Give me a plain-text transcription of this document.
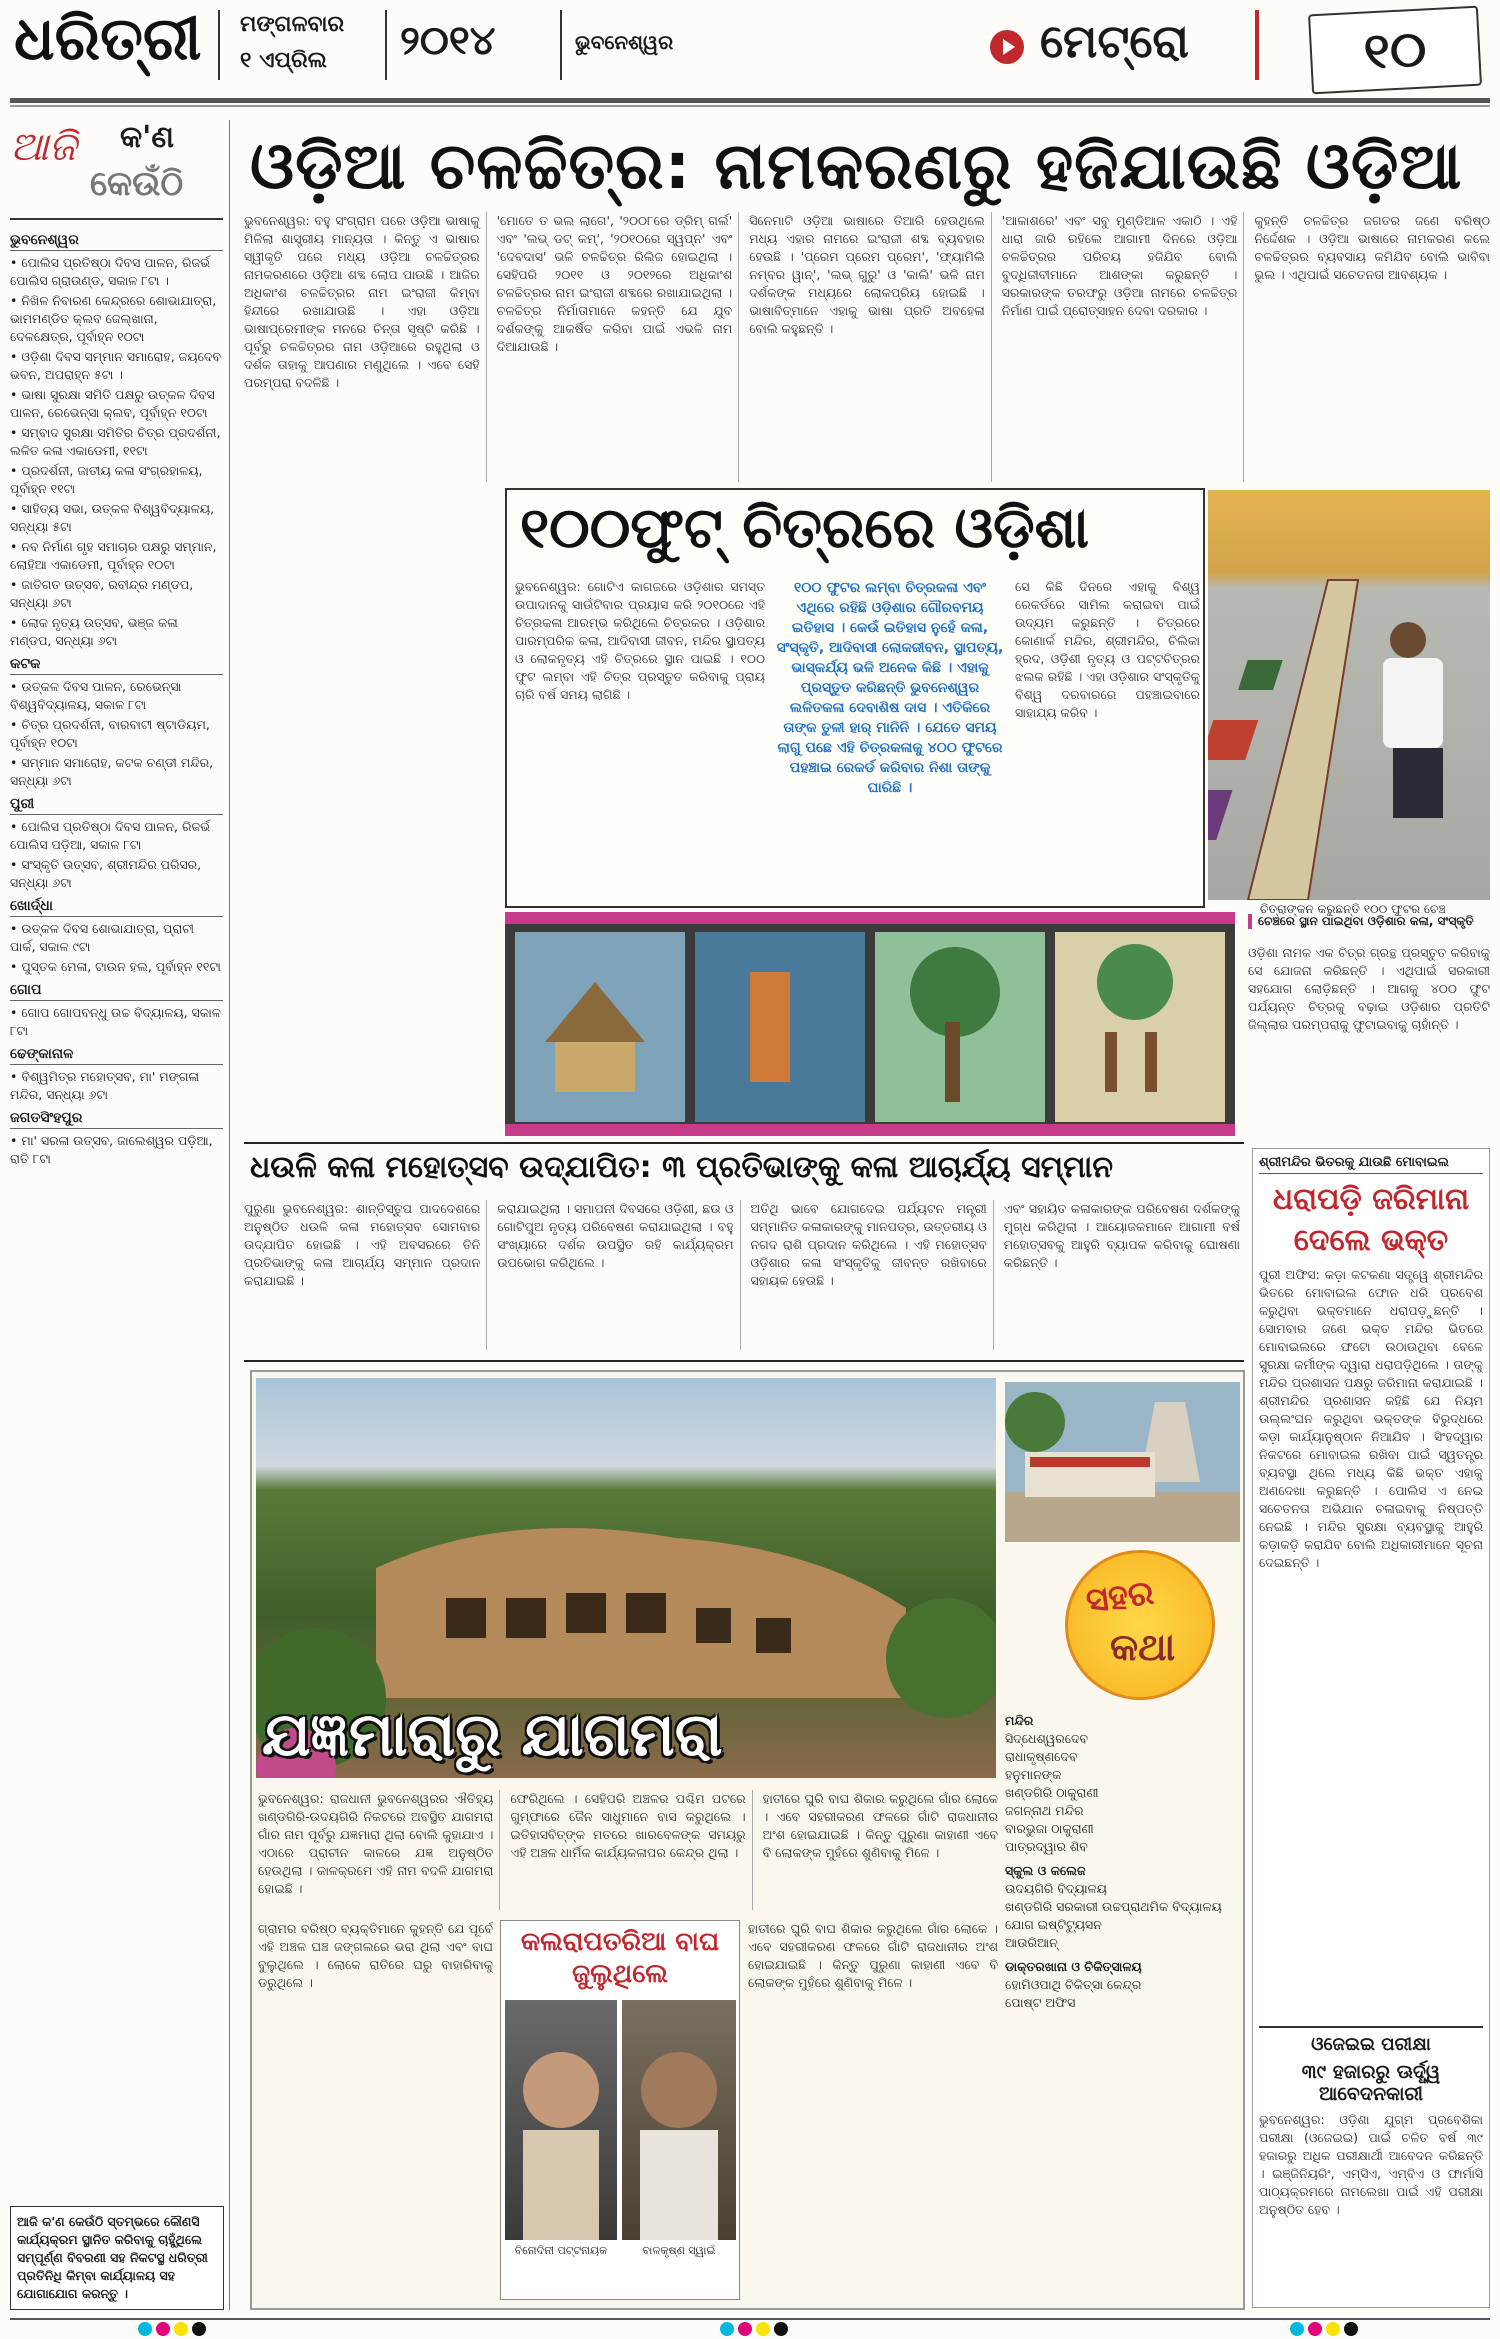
ଧରିତ୍ରୀ ମଙ୍ଗଳବାର
୧ ଏପ୍ରିଲ ୨୦୧୪	ଭୁବନେଶ୍ୱର	ମେଟ୍ରୋ	୧୦
ଆଜି କ'ଣ
କେଉଁଠି
ଭୁବନେଶ୍ୱର
• ପୋଲିସ ପ୍ରତିଷ୍ଠା ଦିବସ ପାଳନ, ରିଜର୍ଭ ପୋଲିସ ଗ୍ରାଉଣ୍ଡ, ସକାଳ ୮ଟା ।
• ନିଖିଳ ନିବାରଣ କେନ୍ଦ୍ରରେ ଶୋଭାଯାତ୍ରା, ଭାମମଣ୍ଡିତ କ୍ଲବ ଜେଲ୍‌ଖାନା, ଦେଳକ୍ଷେତ୍ର, ପୂର୍ବାହ୍ନ ୧୦ଟା
• ଓଡ଼ିଶା ଦିବସ ସମ୍ମାନ ସମାରୋହ, ଜୟଦେବ ଭବନ, ଅପରାହ୍ନ ୫ଟା ।
• ଭାଷା ସୁରକ୍ଷା ସମିତି ପକ୍ଷରୁ ଉତ୍କଳ ଦିବସ ପାଳନ, ରେଭେନ୍ସା କ୍ଲବ, ପୂର୍ବାହ୍ନ ୧୦ଟା
• ସମ୍ବାଦ ସୁରକ୍ଷା ସମିତିର ଚିତ୍ର ପ୍ରଦର୍ଶନୀ, ଲଳିତ କଳା ଏକାଡେମୀ, ୧୧ଟା
• ପ୍ରଦର୍ଶନୀ, ଜାତୀୟ କଳା ସଂଗ୍ରହାଳୟ, ପୂର୍ବାହ୍ନ ୧୧ଟା
• ସାହିତ୍ୟ ସଭା, ଉତ୍କଳ ବିଶ୍ୱବିଦ୍ୟାଳୟ, ସନ୍ଧ୍ୟା ୫ଟା
• ନବ ନିର୍ମାଣ ଗୃହ ସମାଚାର ପକ୍ଷରୁ ସମ୍ମାନ, ଲୋହିଆ ଏକାଡେମୀ, ପୂର୍ବାହ୍ନ ୧୦ଟା
• ଜାତିଗତ ଉତ୍ସବ, ରବୀନ୍ଦ୍ର ମଣ୍ଡପ, ସନ୍ଧ୍ୟା ୬ଟା
• ଲୋକ ନୃତ୍ୟ ଉତ୍ସବ, ଭଞ୍ଜ କଳା ମଣ୍ଡପ, ସନ୍ଧ୍ୟା ୬ଟା
କଟକ
• ଉତ୍କଳ ଦିବସ ପାଳନ, ରେଭେନ୍ସା ବିଶ୍ୱବିଦ୍ୟାଳୟ, ସକାଳ ୮ଟା
• ଚିତ୍ର ପ୍ରଦର୍ଶନୀ, ବାରବାଟୀ ଷ୍ଟାଡିୟମ, ପୂର୍ବାହ୍ନ ୧୦ଟା
• ସମ୍ମାନ ସମାରୋହ, କଟକ ଚଣ୍ଡୀ ମନ୍ଦିର, ସନ୍ଧ୍ୟା ୬ଟା
ପୁରୀ
• ପୋଲିସ ପ୍ରତିଷ୍ଠା ଦିବସ ପାଳନ, ରିଜର୍ଭ ପୋଲିସ ପଡ଼ିଆ, ସକାଳ ୮ଟା
• ସଂସ୍କୃତି ଉତ୍ସବ, ଶ୍ରୀମନ୍ଦିର ପରିସର, ସନ୍ଧ୍ୟା ୬ଟା
ଖୋର୍ଦ୍ଧା
• ଉତ୍କଳ ଦିବସ ଶୋଭାଯାତ୍ରା, ପ୍ରାଚୀ ପାର୍କ, ସକାଳ ୯ଟା
• ପୁସ୍ତକ ମେଳା, ଟାଉନ ହଲ, ପୂର୍ବାହ୍ନ ୧୧ଟା
ଗୋପ
• ଗୋପ ଗୋପବନ୍ଧୁ ଉଚ୍ଚ ବିଦ୍ୟାଳୟ, ସକାଳ ୮ଟା
ଢେଙ୍କାନାଳ
• ବିଶ୍ୱମିତ୍ର ମହୋତ୍ସବ, ମା' ମଙ୍ଗଳା ମନ୍ଦିର, ସନ୍ଧ୍ୟା ୬ଟା
ଜଗତସିଂହପୁର
• ମା' ସରଳା ଉତ୍ସବ, ଜାଲେଶ୍ୱର ପଡ଼ିଆ, ରାତି ୮ଟା
ଆଜି କ'ଣ କେଉଁଠି ସ୍ତମ୍ଭରେ କୌଣସି କାର୍ଯ୍ୟକ୍ରମ ସ୍ଥାନିତ କରିବାକୁ ଚାହୁଁଥିଲେ ସମ୍ପୂର୍ଣ୍ଣ ବିବରଣୀ ସହ ନିକଟସ୍ଥ ଧରିତ୍ରୀ ପ୍ରତିନିଧି କିମ୍ବା କାର୍ଯ୍ୟାଳୟ ସହ ଯୋଗାଯୋଗ କରନ୍ତୁ ।
ଓଡ଼ିଆ ଚଳଚ୍ଚିତ୍ର: ନାମକରଣରୁ ହଜିଯାଉଛି ଓଡ଼ିଆ
ଭୁବନେଶ୍ୱର: ବହୁ ସଂଗ୍ରାମ ପରେ ଓଡ଼ିଆ ଭାଷାକୁ ମିଳିଲା ଶାସ୍ତ୍ରୀୟ ମାନ୍ୟତା । କିନ୍ତୁ ଏ ଭାଷାର ସ୍ୱୀକୃତି ପରେ ମଧ୍ୟ ଓଡ଼ିଆ ଚଳଚ୍ଚିତ୍ରର ନାମକରଣରେ ଓଡ଼ିଆ ଶବ୍ଦ ଲୋପ ପାଉଛି । ଆଜିର ଅଧିକାଂଶ ଚଳଚ୍ଚିତ୍ରର ନାମ ଇଂରାଜୀ କିମ୍ବା ହିନ୍ଦୀରେ ରଖାଯାଉଛି । ଏହା ଓଡ଼ିଆ ଭାଷାପ୍ରେମୀଙ୍କ ମନରେ ଚିନ୍ତା ସୃଷ୍ଟି କରିଛି । ପୂର୍ବରୁ ଚଳଚ୍ଚିତ୍ରର ନାମ ଓଡ଼ିଆରେ ରହୁଥିଲା ଓ ଦର୍ଶକ ତାହାକୁ ଆପଣାର ମଣୁଥିଲେ । ଏବେ ସେହି ପରମ୍ପରା ବଦଳିଛି ।
'ମୋତେ ତ ଭଲ ଲାଗେ', '୨୦୦୮ରେ ଡ୍ରିମ୍ ଗର୍ଲ' ଏବଂ 'ଲଭ୍ ଡଟ୍ କମ୍', '୨୦୧୦ରେ ସ୍ୱପ୍ନ' ଏବଂ 'ଦେବଦାସ' ଭଳି ଚଳଚ୍ଚିତ୍ର ରିଲିଜ ହୋଇଥିଲା । ସେହିପରି ୨୦୧୧ ଓ ୨୦୧୨ରେ ଅଧିକାଂଶ ଚଳଚ୍ଚିତ୍ରର ନାମ ଇଂରାଜୀ ଶବ୍ଦରେ ରଖାଯାଇଥିଲା । ଚଳଚ୍ଚିତ୍ର ନିର୍ମାତାମାନେ କହନ୍ତି ଯେ ଯୁବ ଦର୍ଶକଙ୍କୁ ଆକର୍ଷିତ କରିବା ପାଇଁ ଏଭଳି ନାମ ଦିଆଯାଉଛି ।
ସିନେମାଟି ଓଡ଼ିଆ ଭାଷାରେ ତିଆରି ହେଉଥିଲେ ମଧ୍ୟ ଏହାର ନାମରେ ଇଂରାଜୀ ଶବ୍ଦ ବ୍ୟବହାର ହେଉଛି । 'ପ୍ରେମ ପ୍ରେମ ପ୍ରେମ', 'ଫ୍ୟାମିଲି ନମ୍ବର ୱାନ୍', 'ଲଭ୍ ଗୁରୁ' ଓ 'କାଲି' ଭଳି ନାମ ଦର୍ଶକଙ୍କ ମଧ୍ୟରେ ଲୋକପ୍ରିୟ ହୋଇଛି । ଭାଷାବିତ୍‌ମାନେ ଏହାକୁ ଭାଷା ପ୍ରତି ଅବହେଳା ବୋଲି କହୁଛନ୍ତି ।
'ଆକାଶରେ' ଏବଂ ସବୁ ମୁଣ୍ଡିଆଳ ଏକାଠି । ଏହି ଧାରା ଜାରି ରହିଲେ ଆଗାମୀ ଦିନରେ ଓଡ଼ିଆ ଚଳଚ୍ଚିତ୍ରର ପରିଚୟ ହଜିଯିବ ବୋଲି ବୁଦ୍ଧିଜୀବୀମାନେ ଆଶଙ୍କା କରୁଛନ୍ତି । ସରକାରଙ୍କ ତରଫରୁ ଓଡ଼ିଆ ନାମରେ ଚଳଚ୍ଚିତ୍ର ନିର୍ମାଣ ପାଇଁ ପ୍ରୋତ୍ସାହନ ଦେବା ଦରକାର ।
କୁହନ୍ତି ଚଳଚ୍ଚିତ୍ର ଜଗତର ଜଣେ ବରିଷ୍ଠ ନିର୍ଦ୍ଦେଶକ । ଓଡ଼ିଆ ଭାଷାରେ ନାମକରଣ କଲେ ଚଳଚ୍ଚିତ୍ରର ବ୍ୟବସାୟ କମିଯିବ ବୋଲି ଭାବିବା ଭୁଲ । ଏଥିପାଇଁ ସଚେତନତା ଆବଶ୍ୟକ ।
୧୦୦ଫୁଟ୍ ଚିତ୍ରରେ ଓଡ଼ିଶା
ଭୁବନେଶ୍ୱର: ଗୋଟିଏ କାଗଜରେ ଓଡ଼ିଶାର ସମସ୍ତ ଉପାଦାନକୁ ସାଉଁଟିବାର ପ୍ରୟାସ କରି ୨୦୧୦ରେ ଏହି ଚିତ୍ରକଳା ଆରମ୍ଭ କରିଥିଲେ ଚିତ୍ରକର । ଓଡ଼ିଶାର ପାରମ୍ପରିକ କଳା, ଆଦିବାସୀ ଜୀବନ, ମନ୍ଦିର ସ୍ଥାପତ୍ୟ ଓ ଲୋକନୃତ୍ୟ ଏହି ଚିତ୍ରରେ ସ୍ଥାନ ପାଇଛି । ୧୦୦ ଫୁଟ ଲମ୍ବା ଏହି ଚିତ୍ର ପ୍ରସ୍ତୁତ କରିବାକୁ ପ୍ରାୟ ଚାରି ବର୍ଷ ସମୟ ଲାଗିଛି ।
୧୦୦ ଫୁଟର ଲମ୍ବା ଚିତ୍ରକଳା ଏବଂ ଏଥିରେ ରହିଛି ଓଡ଼ିଶାର ଗୌରବମୟ ଇତିହାସ । କେଉଁ ଇତିହାସ ନୁହେଁ କଳା, ସଂସ୍କୃତି, ଆଦିବାସୀ ଲୋକଜୀବନ, ସ୍ଥାପତ୍ୟ, ଭାସ୍କର୍ଯ୍ୟ ଭଳି ଅନେକ କିଛି । ଏହାକୁ ପ୍ରସ୍ତୁତ କରିଛନ୍ତି ଭୁବନେଶ୍ୱର ଲଳିତକଳା ଦେବାଶିଷ ଦାସ । ଏତିକିରେ ତାଙ୍କ ତୁଳୀ ହାର୍ ମାନିନି । ଯେତେ ସମୟ ଲାଗୁ ପଛେ ଏହି ଚିତ୍ରକଳାକୁ ୪୦୦ ଫୁଟରେ ପହଞ୍ଚାଇ ରେକର୍ଡ କରିବାର ନିଶା ତାଙ୍କୁ ଘାରିଛି ।
ସେ କିଛି ଦିନରେ ଏହାକୁ ବିଶ୍ୱ ରେକର୍ଡରେ ସାମିଲ କରାଇବା ପାଇଁ ଉଦ୍ୟମ କରୁଛନ୍ତି । ଚିତ୍ରରେ କୋଣାର୍କ ମନ୍ଦିର, ଶ୍ରୀମନ୍ଦିର, ଚିଲିକା ହ୍ରଦ, ଓଡ଼ିଶୀ ନୃତ୍ୟ ଓ ପଟ୍ଟଚିତ୍ରର ଝଲକ ରହିଛି । ଏହା ଓଡ଼ିଶାର ସଂସ୍କୃତିକୁ ବିଶ୍ୱ ଦରବାରରେ ପହଞ୍ଚାଇବାରେ ସାହାଯ୍ୟ କରିବ ।
ଚିତ୍ରାଙ୍କନ କରୁଛନ୍ତି ୧୦୦ ଫୁଟର ଚେଞ୍ଚ
ଚେଞ୍ଚରେ ସ୍ଥାନ ପାଇଥିବା ଓଡ଼ିଶାର କଳା, ସଂସ୍କୃତି
ଓଡ଼ିଶା ନାମକ ଏକ ଚିତ୍ର ଗ୍ରନ୍ଥ ପ୍ରସ୍ତୁତ କରିବାକୁ ସେ ଯୋଜନା କରିଛନ୍ତି । ଏଥିପାଇଁ ସରକାରୀ ସହଯୋଗ ଲୋଡ଼ିଛନ୍ତି । ଆଗକୁ ୪୦୦ ଫୁଟ ପର୍ଯ୍ୟନ୍ତ ଚିତ୍ରକୁ ବଢ଼ାଇ ଓଡ଼ିଶାର ପ୍ରତିଟି ଜିଲ୍ଲାର ପରମ୍ପରାକୁ ଫୁଟାଇବାକୁ ଚାହାଁନ୍ତି ।
ଧଉଳି କଳା ମହୋତ୍ସବ ଉଦ୍‌ଯାପିତ: ୩ ପ୍ରତିଭାଙ୍କୁ କଳା ଆଚାର୍ଯ୍ୟ ସମ୍ମାନ
ପୁରୁଣା ଭୁବନେଶ୍ୱର: ଶାନ୍ତିସ୍ତୁପ ପାଦଦେଶରେ ଅନୁଷ୍ଠିତ ଧଉଳି କଳା ମହୋତ୍ସବ ସୋମବାର ଉଦ୍‌ଯାପିତ ହୋଇଛି । ଏହି ଅବସରରେ ତିନି ପ୍ରତିଭାଙ୍କୁ କଳା ଆଚାର୍ଯ୍ୟ ସମ୍ମାନ ପ୍ରଦାନ କରାଯାଇଛି ।
କରାଯାଇଥିଲା । ସମାପନୀ ଦିବସରେ ଓଡ଼ିଶୀ, ଛଉ ଓ ଗୋଟିପୁଅ ନୃତ୍ୟ ପରିବେଷଣ କରାଯାଇଥିଲା । ବହୁ ସଂଖ୍ୟାରେ ଦର୍ଶକ ଉପସ୍ଥିତ ରହି କାର୍ଯ୍ୟକ୍ରମ ଉପଭୋଗ କରିଥିଲେ ।
ଅତିଥି ଭାବେ ଯୋଗଦେଇ ପର୍ଯ୍ୟଟନ ମନ୍ତ୍ରୀ ସମ୍ମାନିତ କଳାକାରଙ୍କୁ ମାନପତ୍ର, ଉତ୍ତରୀୟ ଓ ନଗଦ ରାଶି ପ୍ରଦାନ କରିଥିଲେ । ଏହି ମହୋତ୍ସବ ଓଡ଼ିଶାର କଳା ସଂସ୍କୃତିକୁ ଜୀବନ୍ତ ରଖିବାରେ ସହାୟକ ହେଉଛି ।
ଏବଂ ସହାୟିତ କଳାକାରଙ୍କ ପରିବେଷଣ ଦର୍ଶକଙ୍କୁ ମୁଗ୍ଧ କରିଥିଲା । ଆୟୋଜକମାନେ ଆଗାମୀ ବର୍ଷ ମହୋତ୍ସବକୁ ଆହୁରି ବ୍ୟାପକ କରିବାକୁ ଘୋଷଣା କରିଛନ୍ତି ।
ଯଜ୍ଞମାରାରୁ ଯାଗମରା
ସହର
କଥା
ମନ୍ଦିର
ସିଦ୍ଧେଶ୍ୱରଦେବ
ରାଧାକୃଷ୍ଣଦେବ
ହନୁମାନଙ୍କ
ଖଣ୍ଡଗିରି ଠାକୁରାଣୀ
ଜଗନ୍ନାଥ ମନ୍ଦିର
ବାରଭୁଜା ଠାକୁରାଣୀ
ପାତ୍ରଦ୍ୱାର ଶିବ
ସ୍କୁଲ ଓ କଲେଜ
ଉଦୟଗିରି ବିଦ୍ୟାଳୟ
ଖଣ୍ଡଗିରି ସରକାରୀ ଉଚ୍ଚପ୍ରାଥମିକ ବିଦ୍ୟାଳୟ
ଯୋଗ ଇଷ୍ଟିଟ୍ୟୁସନ
ଆଉରିଆନ୍
ଡାକ୍ତରଖାନା ଓ ଚିକିତ୍ସାଳୟ
ହୋମିଓପାଥି ଚିକିତ୍ସା କେନ୍ଦ୍ର
ପୋଷ୍ଟ ଅଫିସ
ଭୁବନେଶ୍ୱର: ରାଜଧାନୀ ଭୁବନେଶ୍ୱରର ଐତିହ୍ୟ ଖଣ୍ଡଗିରି-ଉଦୟଗିରି ନିକଟରେ ଅବସ୍ଥିତ ଯାଗମରା ଗାଁର ନାମ ପୂର୍ବରୁ ଯଜ୍ଞମାରା ଥିଲା ବୋଲି କୁହାଯାଏ । ଏଠାରେ ପ୍ରାଚୀନ କାଳରେ ଯଜ୍ଞ ଅନୁଷ୍ଠିତ ହେଉଥିଲା । କାଳକ୍ରମେ ଏହି ନାମ ବଦଳି ଯାଗମରା ହୋଇଛି ।
ଫେରିଥିଲେ । ସେହିପରି ଅଞ୍ଚଳର ପଶ୍ଚିମ ପଟରେ ଗୁମ୍ଫାରେ ଜୈନ ସାଧୁମାନେ ବାସ କରୁଥିଲେ । ଇତିହାସବିତ୍‌ଙ୍କ ମତରେ ଖାରବେଳଙ୍କ ସମୟରୁ ଏହି ଅଞ୍ଚଳ ଧାର୍ମିକ କାର୍ଯ୍ୟକଳାପର କେନ୍ଦ୍ର ଥିଲା ।
ହାତୀରେ ଘୁରି ବାଘ ଶିକାର କରୁଥିଲେ ଗାଁର ଲୋକେ । ଏବେ ସହରୀକରଣ ଫଳରେ ଗାଁଟି ରାଜଧାନୀର ଅଂଶ ହୋଇଯାଇଛି । କିନ୍ତୁ ପୁରୁଣା କାହାଣୀ ଏବେ ବି ଲୋକଙ୍କ ମୁହଁରେ ଶୁଣିବାକୁ ମିଳେ ।
କଲରାପତରିଆ ବାଘ ଜୁଲୁଥିଲେ
ବିନୋଦିନୀ ପଟ୍ଟନାୟକ	ବାଳକୃଷ୍ଣ ସ୍ୱାଇଁ
ଗ୍ରାମର ବରିଷ୍ଠ ବ୍ୟକ୍ତିମାନେ କୁହନ୍ତି ଯେ ପୂର୍ବେ ଏହି ଅଞ୍ଚଳ ଘଞ୍ଚ ଜଙ୍ଗଲରେ ଭରା ଥିଲା ଏବଂ ବାଘ ବୁଲୁଥିଲେ । ଲୋକେ ରାତିରେ ଘରୁ ବାହାରିବାକୁ ଡରୁଥିଲେ ।
ହାତୀରେ ଘୁରି ବାଘ ଶିକାର କରୁଥିଲେ ଗାଁର ଲୋକେ । ଏବେ ସହରୀକରଣ ଫଳରେ ଗାଁଟି ରାଜଧାନୀର ଅଂଶ ହୋଇଯାଇଛି । କିନ୍ତୁ ପୁରୁଣା କାହାଣୀ ଏବେ ବି ଲୋକଙ୍କ ମୁହଁରେ ଶୁଣିବାକୁ ମିଳେ ।
ଶ୍ରୀମନ୍ଦିର ଭିତରକୁ ଯାଉଛି ମୋବାଇଲ
ଧରାପଡ଼ି ଜରିମାନା
ଦେଲେ ଭକ୍ତ
ପୁରୀ ଅଫିସ: କଡ଼ା କଟକଣା ସତ୍ତ୍ୱେ ଶ୍ରୀମନ୍ଦିର ଭିତରେ ମୋବାଇଲ ଫୋନ ଧରି ପ୍ରବେଶ କରୁଥିବା ଭକ୍ତମାନେ ଧରାପଡ଼ୁଛନ୍ତି । ସୋମବାର ଜଣେ ଭକ୍ତ ମନ୍ଦିର ଭିତରେ ମୋବାଇଲରେ ଫଟୋ ଉଠାଉଥିବା ବେଳେ ସୁରକ୍ଷା କର୍ମୀଙ୍କ ଦ୍ୱାରା ଧରାପଡ଼ିଥିଲେ । ତାଙ୍କୁ ମନ୍ଦିର ପ୍ରଶାସନ ପକ୍ଷରୁ ଜରିମାନା କରାଯାଇଛି । ଶ୍ରୀମନ୍ଦିର ପ୍ରଶାସନ କହିଛି ଯେ ନିୟମ ଉଲ୍ଲଂଘନ କରୁଥିବା ଭକ୍ତଙ୍କ ବିରୁଦ୍ଧରେ କଡ଼ା କାର୍ଯ୍ୟାନୁଷ୍ଠାନ ନିଆଯିବ । ସିଂହଦ୍ୱାର ନିକଟରେ ମୋବାଇଲ ରଖିବା ପାଇଁ ସ୍ୱତନ୍ତ୍ର ବ୍ୟବସ୍ଥା ଥିଲେ ମଧ୍ୟ କିଛି ଭକ୍ତ ଏହାକୁ ଅଣଦେଖା କରୁଛନ୍ତି । ପୋଲିସ ଏ ନେଇ ସଚେତନତା ଅଭିଯାନ ଚଳାଇବାକୁ ନିଷ୍ପତ୍ତି ନେଇଛି । ମନ୍ଦିର ସୁରକ୍ଷା ବ୍ୟବସ୍ଥାକୁ ଆହୁରି କଡ଼ାକଡ଼ି କରାଯିବ ବୋଲି ଅଧିକାରୀମାନେ ସୂଚନା ଦେଇଛନ୍ତି ।
ଓଜେଇଇ ପରୀକ୍ଷା
୩୯ ହଜାରରୁ ଊର୍ଦ୍ଧ୍ୱ ଆବେଦନକାରୀ
ଭୁବନେଶ୍ୱର: ଓଡ଼ିଶା ଯୁଗ୍ମ ପ୍ରବେଶିକା ପରୀକ୍ଷା (ଓଜେଇଇ) ପାଇଁ ଚଳିତ ବର୍ଷ ୩୯ ହଜାରରୁ ଅଧିକ ପରୀକ୍ଷାର୍ଥୀ ଆବେଦନ କରିଛନ୍ତି । ଇଞ୍ଜିନିୟରିଂ, ଏମ୍‌ସିଏ, ଏମ୍‌ବିଏ ଓ ଫାର୍ମାସି ପାଠ୍ୟକ୍ରମରେ ନାମଲେଖା ପାଇଁ ଏହି ପରୀକ୍ଷା ଅନୁଷ୍ଠିତ ହେବ ।
